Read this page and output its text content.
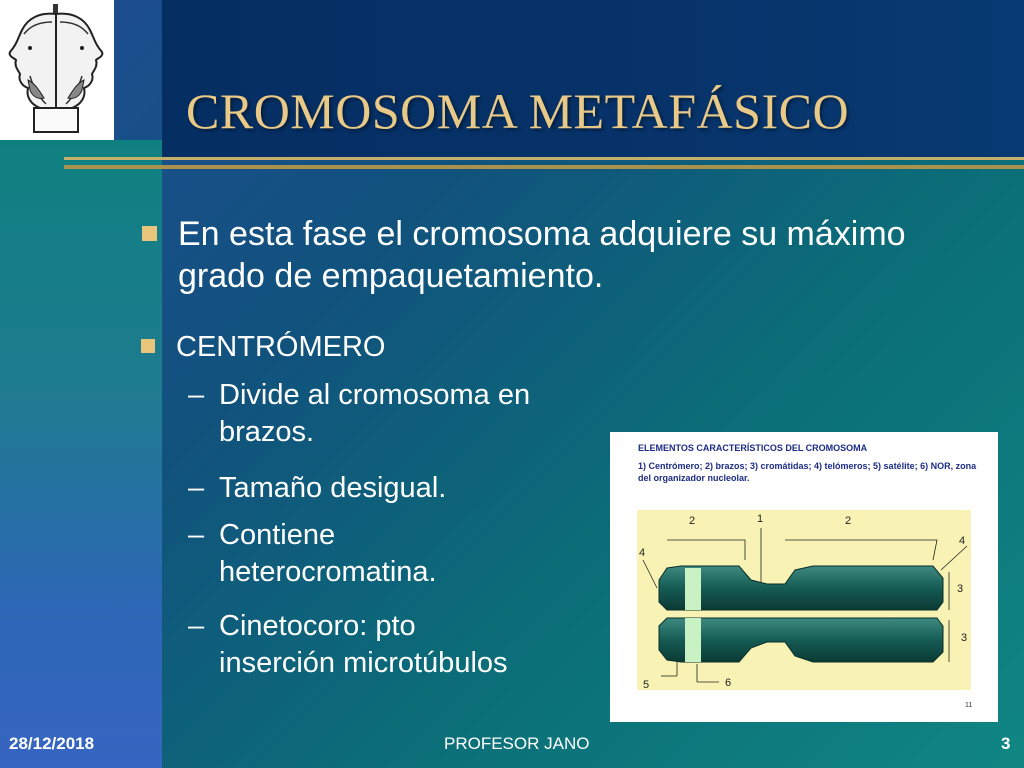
CROMOSOMA METAFÁSICO
En esta fase el cromosoma adquiere su máximo grado de empaquetamiento.
CENTRÓMERO
– Divide al cromosoma en brazos.
– Tamaño desigual.
– Contiene heterocromatina.
– Cinetocoro: pto inserción microtúbulos
ELEMENTOS CARACTERÍSTICOS DEL CROMOSOMA
1) Centrómero; 2) brazos; 3) cromátidas; 4) telómeros; 5) satélite; 6) NOR, zona del organizador nucleolar.
2	1	2
4
4
3
3
5	6
11
28/12/2018	PROFESOR JANO	3
